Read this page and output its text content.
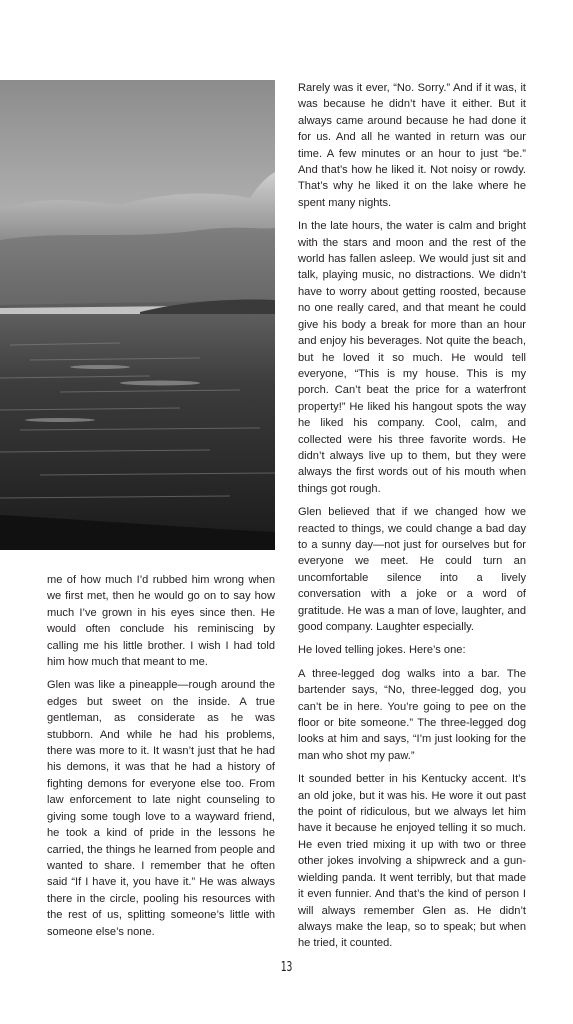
me of how much I’d rubbed him wrong when we first met, then he would go on to say how much I’ve grown in his eyes since then. He would often conclude his reminiscing by calling me his little brother. I wish I had told him how much that meant to me.

Glen was like a pineapple—rough around the edges but sweet on the inside. A true gentleman, as considerate as he was stubborn. And while he had his problems, there was more to it. It wasn’t just that he had his demons, it was that he had a history of fighting demons for everyone else too. From law enforcement to late night counseling to giving some tough love to a wayward friend, he took a kind of pride in the lessons he carried, the things he learned from people and wanted to share. I remember that he often said “If I have it, you have it.” He was always there in the circle, pooling his resources with the rest of us, splitting someone’s little with someone else’s none.

Rarely was it ever, “No. Sorry.” And if it was, it was because he didn’t have it either. But it always came around because he had done it for us. And all he wanted in return was our time. A few minutes or an hour to just “be.” And that’s how he liked it. Not noisy or rowdy. That’s why he liked it on the lake where he spent many nights.

In the late hours, the water is calm and bright with the stars and moon and the rest of the world has fallen asleep. We would just sit and talk, playing music, no distractions. We didn’t have to worry about getting roosted, because no one really cared, and that meant he could give his body a break for more than an hour and enjoy his beverages. Not quite the beach, but he loved it so much. He would tell everyone, “This is my house. This is my porch. Can’t beat the price for a waterfront property!” He liked his hangout spots the way he liked his company. Cool, calm, and collected were his three favorite words. He didn’t always live up to them, but they were always the first words out of his mouth when things got rough.

Glen believed that if we changed how we reacted to things, we could change a bad day to a sunny day—not just for ourselves but for everyone we meet. He could turn an uncomfortable silence into a lively conversation with a joke or a word of gratitude. He was a man of love, laughter, and good company. Laughter especially.

He loved telling jokes. Here’s one:

A three-legged dog walks into a bar. The bartender says, “No, three-legged dog, you can’t be in here. You’re going to pee on the floor or bite someone.” The three-legged dog looks at him and says, “I’m just looking for the man who shot my paw.”

It sounded better in his Kentucky accent. It’s an old joke, but it was his. He wore it out past the point of ridiculous, but we always let him have it because he enjoyed telling it so much. He even tried mixing it up with two or three other jokes involving a shipwreck and a gun-wielding panda. It went terribly, but that made it even funnier. And that’s the kind of person I will always remember Glen as. He didn’t always make the leap, so to speak; but when he tried, it counted.

13
